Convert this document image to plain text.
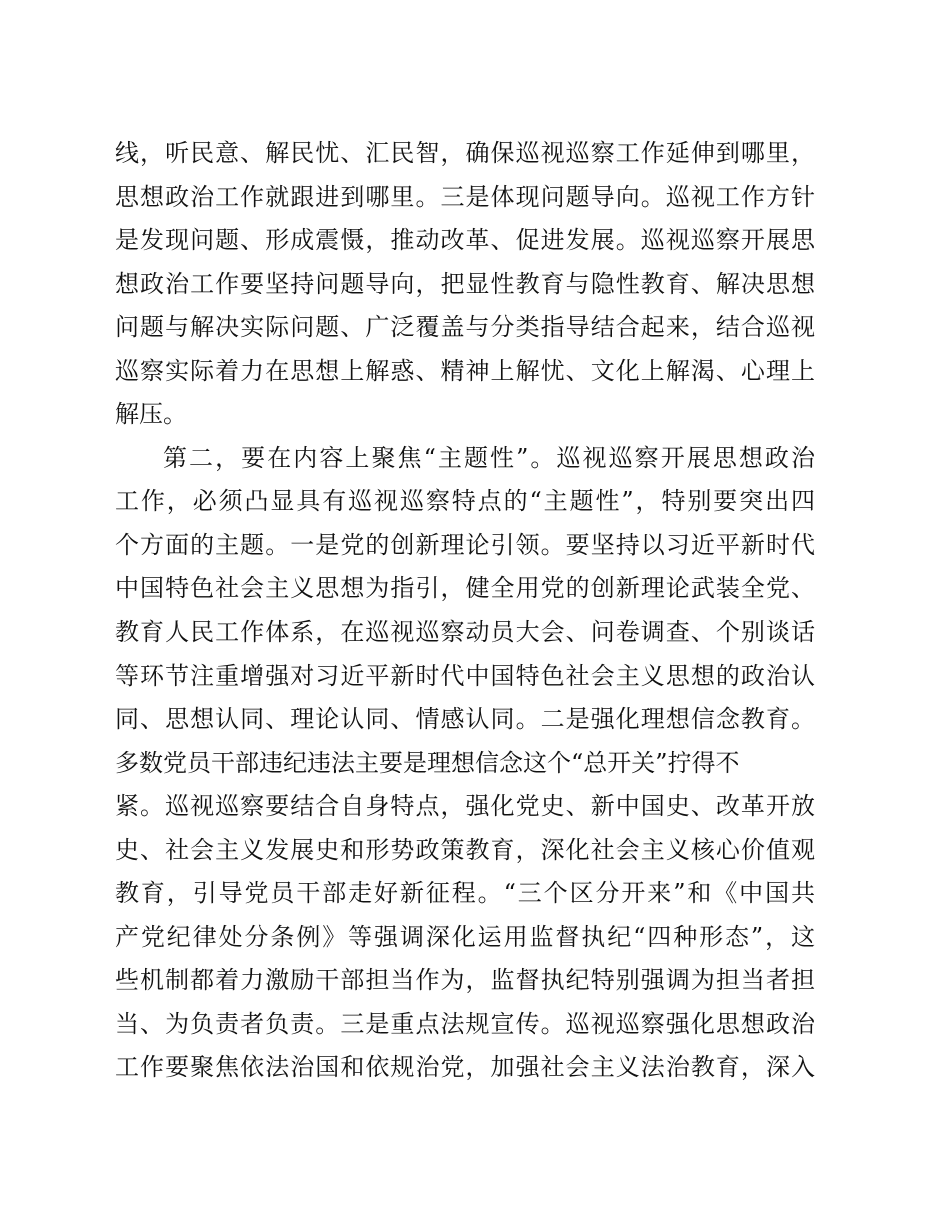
线，听民意、解民忧、汇民智，确保巡视巡察工作延伸到哪里，
思想政治工作就跟进到哪里。三是体现问题导向。巡视工作方针
是发现问题、形成震慑，推动改革、促进发展。巡视巡察开展思
想政治工作要坚持问题导向，把显性教育与隐性教育、解决思想
问题与解决实际问题、广泛覆盖与分类指导结合起来，结合巡视
巡察实际着力在思想上解惑、精神上解忧、文化上解渴、心理上
解压。
第二，要在内容上聚焦“主题性”。巡视巡察开展思想政治
工作，必须凸显具有巡视巡察特点的“主题性”，特别要突出四
个方面的主题。一是党的创新理论引领。要坚持以习近平新时代
中国特色社会主义思想为指引，健全用党的创新理论武装全党、
教育人民工作体系，在巡视巡察动员大会、问卷调查、个别谈话
等环节注重增强对习近平新时代中国特色社会主义思想的政治认
同、思想认同、理论认同、情感认同。二是强化理想信念教育。
多数党员干部违纪违法主要是理想信念这个“总开关”拧得不
紧。巡视巡察要结合自身特点，强化党史、新中国史、改革开放
史、社会主义发展史和形势政策教育，深化社会主义核心价值观
教育，引导党员干部走好新征程。“三个区分开来”和《中国共
产党纪律处分条例》等强调深化运用监督执纪“四种形态”，这
些机制都着力激励干部担当作为，监督执纪特别强调为担当者担
当、为负责者负责。三是重点法规宣传。巡视巡察强化思想政治
工作要聚焦依法治国和依规治党，加强社会主义法治教育，深入
